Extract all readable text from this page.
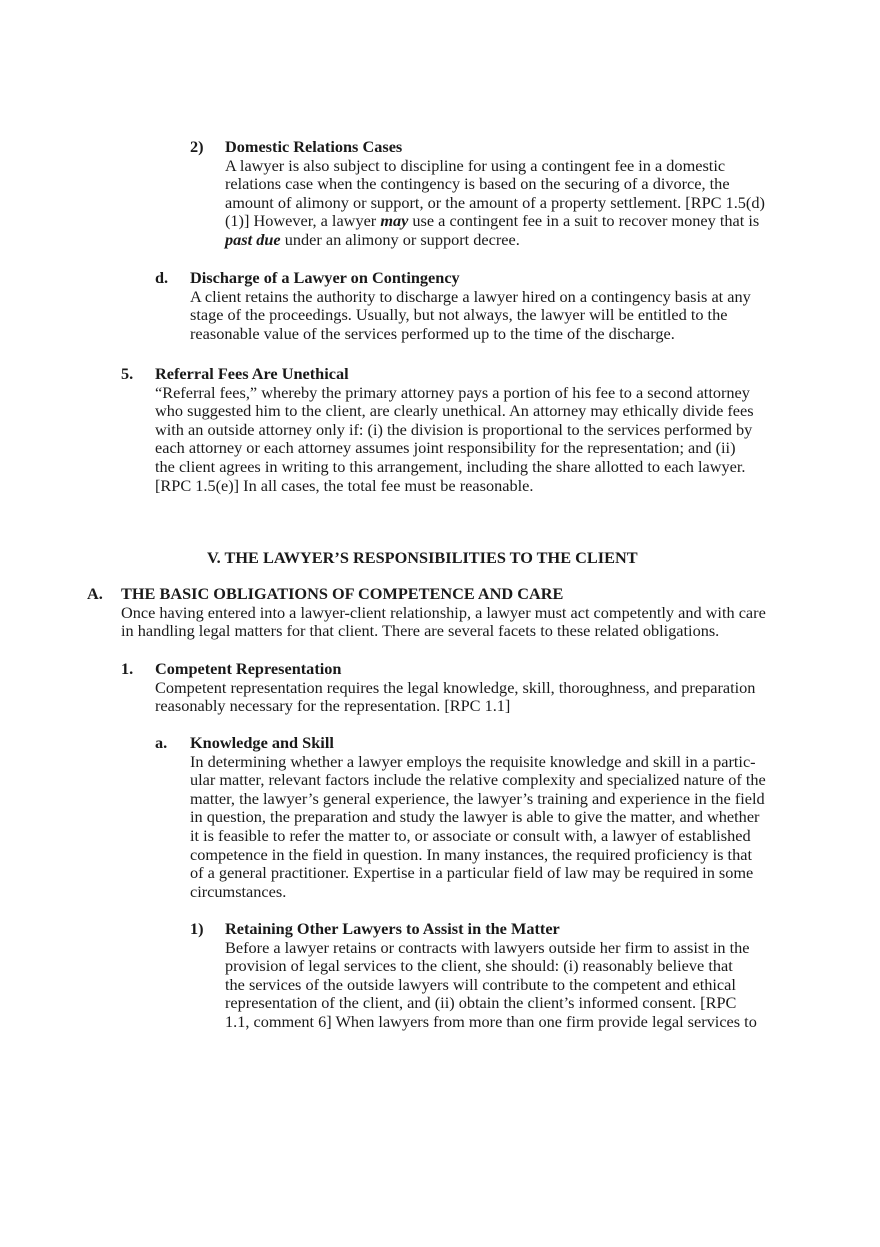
2) Domestic Relations Cases
A lawyer is also subject to discipline for using a contingent fee in a domestic
relations case when the contingency is based on the securing of a divorce, the
amount of alimony or support, or the amount of a property settlement. [RPC 1.5(d)
(1)] However, a lawyer may use a contingent fee in a suit to recover money that is
past due under an alimony or support decree.
d. Discharge of a Lawyer on Contingency
A client retains the authority to discharge a lawyer hired on a contingency basis at any
stage of the proceedings. Usually, but not always, the lawyer will be entitled to the
reasonable value of the services performed up to the time of the discharge.
5. Referral Fees Are Unethical
“Referral fees,” whereby the primary attorney pays a portion of his fee to a second attorney
who suggested him to the client, are clearly unethical. An attorney may ethically divide fees
with an outside attorney only if: (i) the division is proportional to the services performed by
each attorney or each attorney assumes joint responsibility for the representation; and (ii)
the client agrees in writing to this arrangement, including the share allotted to each lawyer.
[RPC 1.5(e)] In all cases, the total fee must be reasonable.
V. THE LAWYER’S RESPONSIBILITIES TO THE CLIENT
A. THE BASIC OBLIGATIONS OF COMPETENCE AND CARE
Once having entered into a lawyer-client relationship, a lawyer must act competently and with care
in handling legal matters for that client. There are several facets to these related obligations.
1. Competent Representation
Competent representation requires the legal knowledge, skill, thoroughness, and preparation
reasonably necessary for the representation. [RPC 1.1]
a. Knowledge and Skill
In determining whether a lawyer employs the requisite knowledge and skill in a partic-
ular matter, relevant factors include the relative complexity and specialized nature of the
matter, the lawyer’s general experience, the lawyer’s training and experience in the field
in question, the preparation and study the lawyer is able to give the matter, and whether
it is feasible to refer the matter to, or associate or consult with, a lawyer of established
competence in the field in question. In many instances, the required proficiency is that
of a general practitioner. Expertise in a particular field of law may be required in some
circumstances.
1) Retaining Other Lawyers to Assist in the Matter
Before a lawyer retains or contracts with lawyers outside her firm to assist in the
provision of legal services to the client, she should: (i) reasonably believe that
the services of the outside lawyers will contribute to the competent and ethical
representation of the client, and (ii) obtain the client’s informed consent. [RPC
1.1, comment 6] When lawyers from more than one firm provide legal services to
